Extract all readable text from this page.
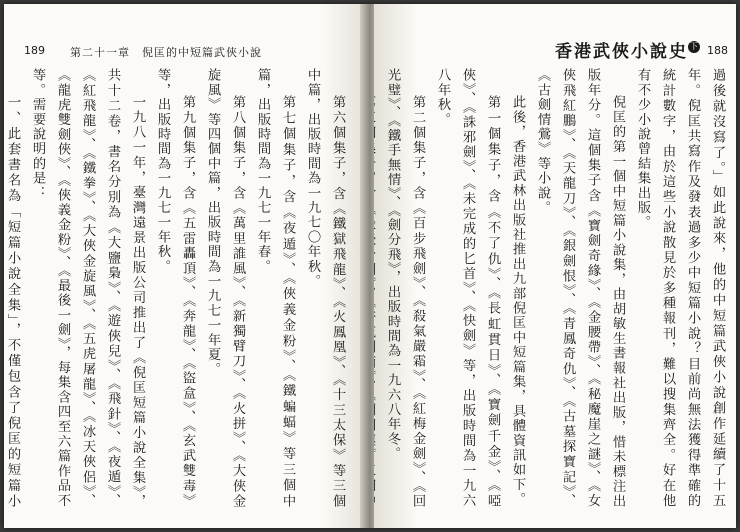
189 第二十一章　倪匡的中短篇武俠小說

第六個集子，含《鐵獄飛龍》、《火鳳凰》、《十三太保》等三個中篇，出版時間為一九七〇年秋。

第七個集子，含《夜遁》、《俠義金粉》、《鐵蝙蝠》等三個中篇，出版時間為一九七一年春。

第八個集子，含《萬里誰風》、《新獨臂刀》、《火拼》、《大俠金旋風》等四個中篇，出版時間為一九七一年夏。

第九個集子，含《五雷轟頂》、《奔龍》、《盜盒》、《玄武雙毒》等，出版時間為一九七一年秋。

一九八一年，臺灣遠景出版公司推出了《倪匡短篇小說全集》，共十二卷，書名分別為《大鹽梟》、《遊俠兒》、《飛針》、《夜遁》、《紅飛龍》、《鐵拳》、《大俠金旋風》、《五虎屠龍》、《冰天俠侶》、《龍虎雙劍俠》、《俠義金粉》、《最後一劍》，每集含四至六篇作品不等。需要說明的是：

一、此套書名為「短篇小說全集」，不僅包含了倪匡的短篇小

香港武俠小說史 下 188

過後就沒寫了。」如此說來，他的中短篇武俠小說創作延續了十五年。倪匡共寫作及發表過多少中短篇小說？目前尚無法獲得準確的統計數字，由於這些小說散見於多種報刊，難以搜集齊全。好在他有不少小說曾結集出版。

倪匡的第一個中短篇小說集，由胡敏生書報社出版，惜未標注出版年分。這個集子含《寶劍奇緣》、《金腰帶》、《秘魔崖之謎》、《女俠飛紅鵬》、《天龍刀》、《銀劍恨》、《青鳳奇仇》、《古墓探寶記》、《古劍情鶯》等小說。

此後，香港武林出版社推出九部倪匡中短篇集，具體資訊如下。

第一個集子，含《不了仇》、《長虹貫日》、《寶劍千金》、《啞俠》、《誅邪劍》、《未完成的匕首》、《快劍》等，出版時間為一九六八年秋。

第二個集子，含《百步飛劍》、《殺氣嚴霜》、《紅梅金劍》、《回光璧》、《鐵手無情》、《劍分飛》，出版時間為一九六八年冬。
